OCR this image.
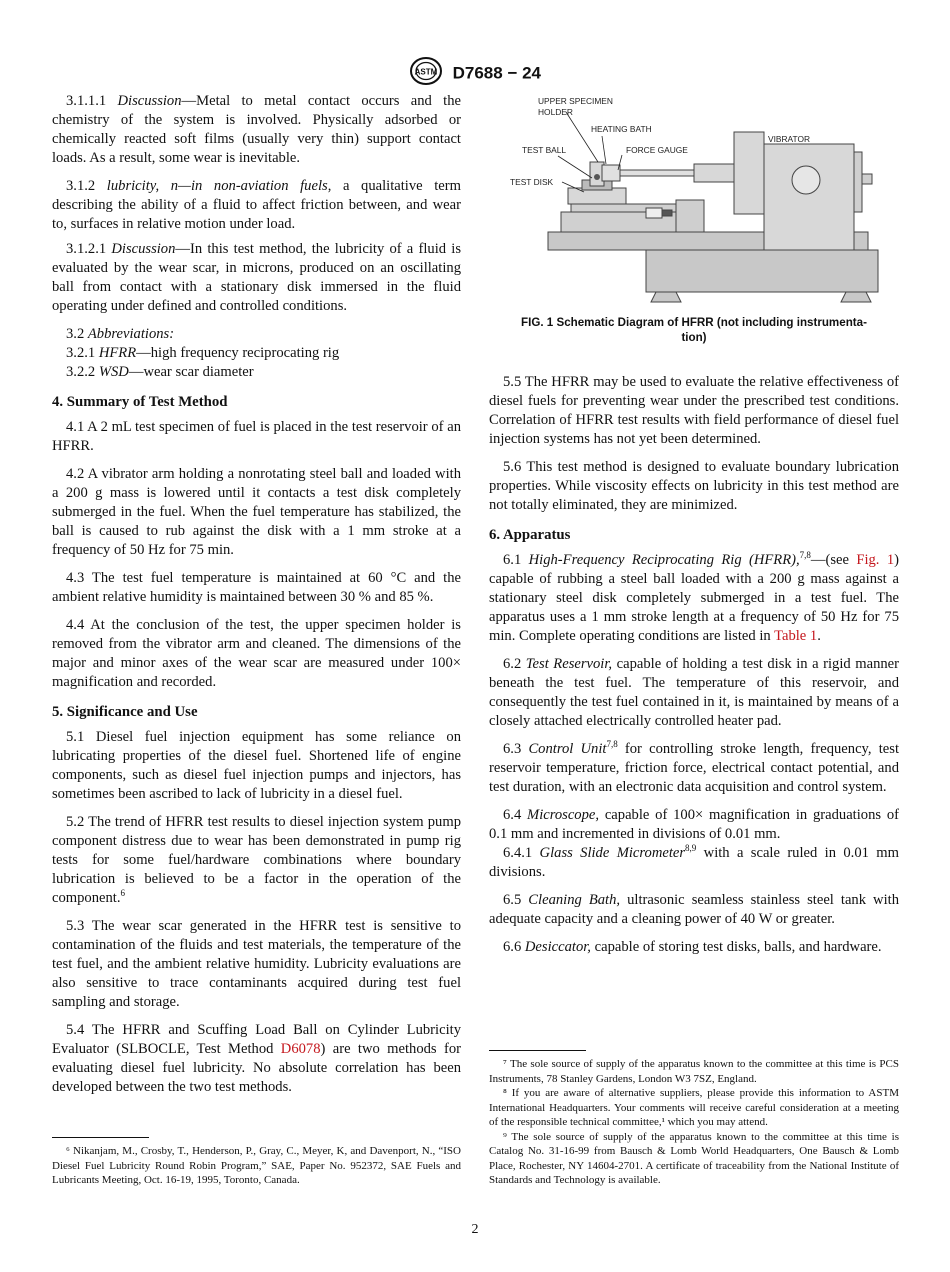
ASTM D7688 − 24

3.1.1.1 Discussion—Metal to metal contact occurs and the chemistry of the system is involved. Physically adsorbed or chemically reacted soft films (usually very thin) support contact loads. As a result, some wear is inevitable.

3.1.2 lubricity, n—in non-aviation fuels, a qualitative term describing the ability of a fluid to affect friction between, and wear to, surfaces in relative motion under load.

3.1.2.1 Discussion—In this test method, the lubricity of a fluid is evaluated by the wear scar, in microns, produced on an oscillating ball from contact with a stationary disk immersed in the fluid operating under defined and controlled conditions.

3.2 Abbreviations:

3.2.1 HFRR—high frequency reciprocating rig

3.2.2 WSD—wear scar diameter

4. Summary of Test Method

4.1 A 2 mL test specimen of fuel is placed in the test reservoir of an HFRR.

4.2 A vibrator arm holding a nonrotating steel ball and loaded with a 200 g mass is lowered until it contacts a test disk completely submerged in the fuel. When the fuel temperature has stabilized, the ball is caused to rub against the disk with a 1 mm stroke at a frequency of 50 Hz for 75 min.

4.3 The test fuel temperature is maintained at 60 °C and the ambient relative humidity is maintained between 30 % and 85 %.

4.4 At the conclusion of the test, the upper specimen holder is removed from the vibrator arm and cleaned. The dimensions of the major and minor axes of the wear scar are measured under 100× magnification and recorded.

5. Significance and Use

5.1 Diesel fuel injection equipment has some reliance on lubricating properties of the diesel fuel. Shortened life of engine components, such as diesel fuel injection pumps and injectors, has sometimes been ascribed to lack of lubricity in a diesel fuel.

5.2 The trend of HFRR test results to diesel injection system pump component distress due to wear has been demonstrated in pump rig tests for some fuel/hardware combinations where boundary lubrication is believed to be a factor in the operation of the component.$^6$

5.3 The wear scar generated in the HFRR test is sensitive to contamination of the fluids and test materials, the temperature of the test fuel, and the ambient relative humidity. Lubricity evaluations are also sensitive to trace contaminants acquired during test fuel sampling and storage.

5.4 The HFRR and Scuffing Load Ball on Cylinder Lubricity Evaluator (SLBOCLE, Test Method D6078) are two methods for evaluating diesel fuel lubricity. No absolute correlation has been developed between the two test methods.

⁶ Nikanjam, M., Crosby, T., Henderson, P., Gray, C., Meyer, K, and Davenport, N., “ISO Diesel Fuel Lubricity Round Robin Program,” SAE, Paper No. 952372, SAE Fuels and Lubricants Meeting, Oct. 16-19, 1995, Toronto, Canada.

UPPER SPECIMEN
HOLDER
HEATING BATH
TEST BALL	FORCE GAUGE
VIBRATOR
TEST DISK
FIG. 1 Schematic Diagram of HFRR (not including instrumenta-
tion)

5.5 The HFRR may be used to evaluate the relative effectiveness of diesel fuels for preventing wear under the prescribed test conditions. Correlation of HFRR test results with field performance of diesel fuel injection systems has not yet been determined.

5.6 This test method is designed to evaluate boundary lubrication properties. While viscosity effects on lubricity in this test method are not totally eliminated, they are minimized.

6. Apparatus

6.1 High-Frequency Reciprocating Rig (HFRR),$^{7,8}$—(see Fig. 1) capable of rubbing a steel ball loaded with a 200 g mass against a stationary steel disk completely submerged in a test fuel. The apparatus uses a 1 mm stroke length at a frequency of 50 Hz for 75 min. Complete operating conditions are listed in Table 1.

6.2 Test Reservoir, capable of holding a test disk in a rigid manner beneath the test fuel. The temperature of this reservoir, and consequently the test fuel contained in it, is maintained by means of a closely attached electrically controlled heater pad.

6.3 Control Unit$^{7,8}$ for controlling stroke length, frequency, test reservoir temperature, friction force, electrical contact potential, and test duration, with an electronic data acquisition and control system.

6.4 Microscope, capable of 100× magnification in graduations of 0.1 mm and incremented in divisions of 0.01 mm.

6.4.1 Glass Slide Micrometer$^{8,9}$ with a scale ruled in 0.01 mm divisions.

6.5 Cleaning Bath, ultrasonic seamless stainless steel tank with adequate capacity and a cleaning power of 40 W or greater.

6.6 Desiccator, capable of storing test disks, balls, and hardware.

⁷ The sole source of supply of the apparatus known to the committee at this time is PCS Instruments, 78 Stanley Gardens, London W3 7SZ, England.

⁸ If you are aware of alternative suppliers, please provide this information to ASTM International Headquarters. Your comments will receive careful consideration at a meeting of the responsible technical committee,¹ which you may attend.

⁹ The sole source of supply of the apparatus known to the committee at this time is Catalog No. 31-16-99 from Bausch & Lomb World Headquarters, One Bausch & Lomb Place, Rochester, NY 14604-2701. A certificate of traceability from the National Institute of Standards and Technology is available.

2
